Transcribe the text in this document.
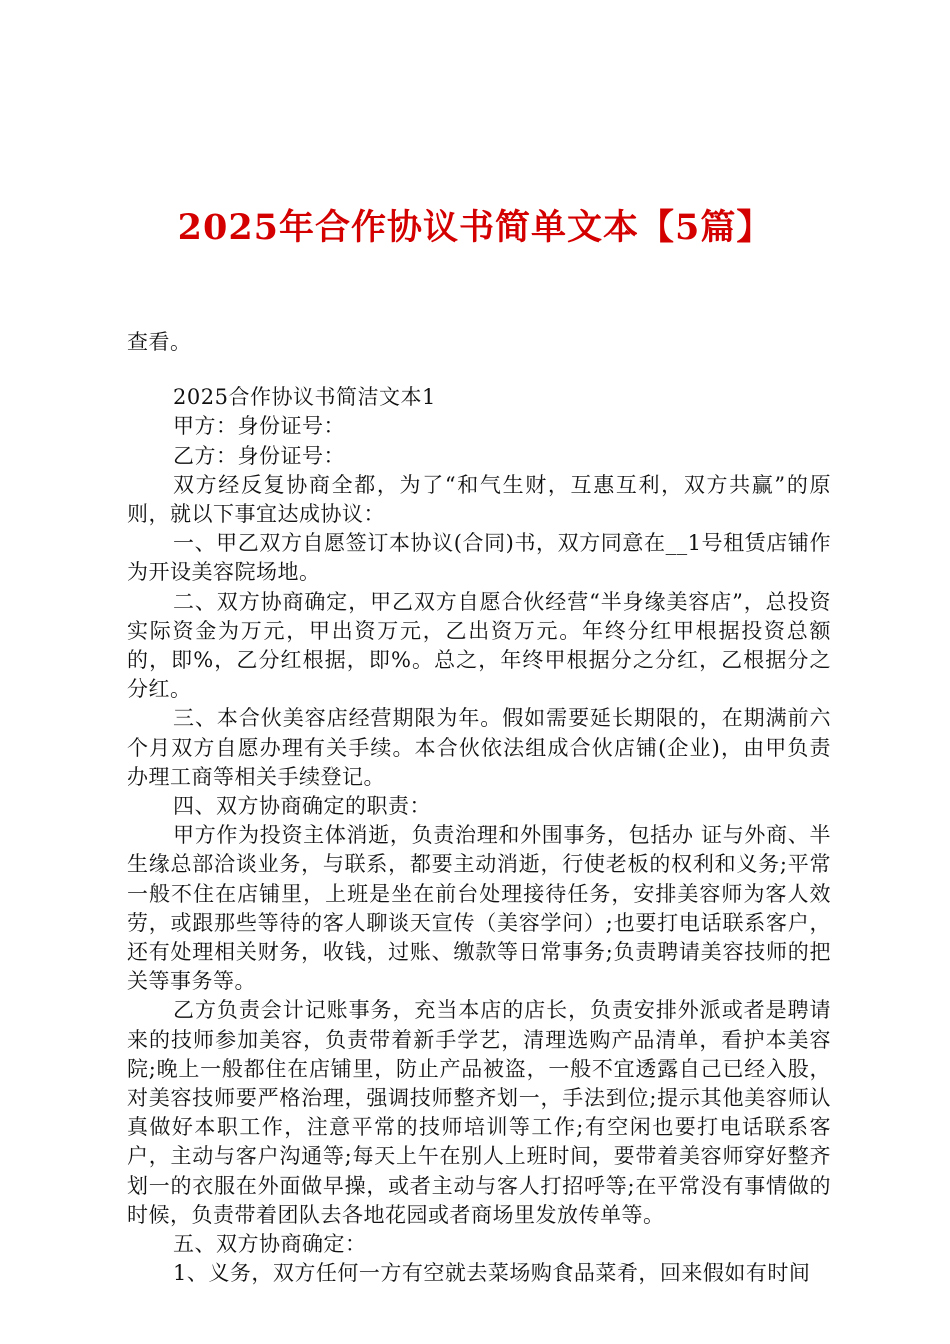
2025年合作协议书简单文本【5篇】

查看。

2025合作协议书简洁文本1

甲方：身份证号：

乙方：身份证号：

双方经反复协商全都，为了“和气生财，互惠互利，双方共赢”的原则，就以下事宜达成协议：

一、甲乙双方自愿签订本协议(合同)书，双方同意在__1号租赁店铺作为开设美容院场地。

二、双方协商确定，甲乙双方自愿合伙经营“半身缘美容店”，总投资实际资金为万元，甲出资万元，乙出资万元。年终分红甲根据投资总额的，即%，乙分红根据，即%。总之，年终甲根据分之分红，乙根据分之分红。

三、本合伙美容店经营期限为年。假如需要延长期限的，在期满前六个月双方自愿办理有关手续。本合伙依法组成合伙店铺(企业)，由甲负责办理工商等相关手续登记。

四、双方协商确定的职责：

甲方作为投资主体消逝，负责治理和外围事务，包括办 证与外商、半生缘总部洽谈业务，与联系，都要主动消逝，行使老板的权利和义务;平常一般不住在店铺里，上班是坐在前台处理接待任务，安排美容师为客人效劳，或跟那些等待的客人聊谈天宣传（美容学问）;也要打电话联系客户，还有处理相关财务，收钱，过账、缴款等日常事务;负责聘请美容技师的把关等事务等。

乙方负责会计记账事务，充当本店的店长，负责安排外派或者是聘请来的技师参加美容，负责带着新手学艺，清理选购产品清单，看护本美容院;晚上一般都住在店铺里，防止产品被盗，一般不宜透露自己已经入股，对美容技师要严格治理，强调技师整齐划一，手法到位;提示其他美容师认真做好本职工作，注意平常的技师培训等工作;有空闲也要打电话联系客户，主动与客户沟通等;每天上午在别人上班时间，要带着美容师穿好整齐划一的衣服在外面做早操，或者主动与客人打招呼等;在平常没有事情做的时候，负责带着团队去各地花园或者商场里发放传单等。

五、双方协商确定：

1、义务，双方任何一方有空就去菜场购食品菜肴，回来假如有时间
